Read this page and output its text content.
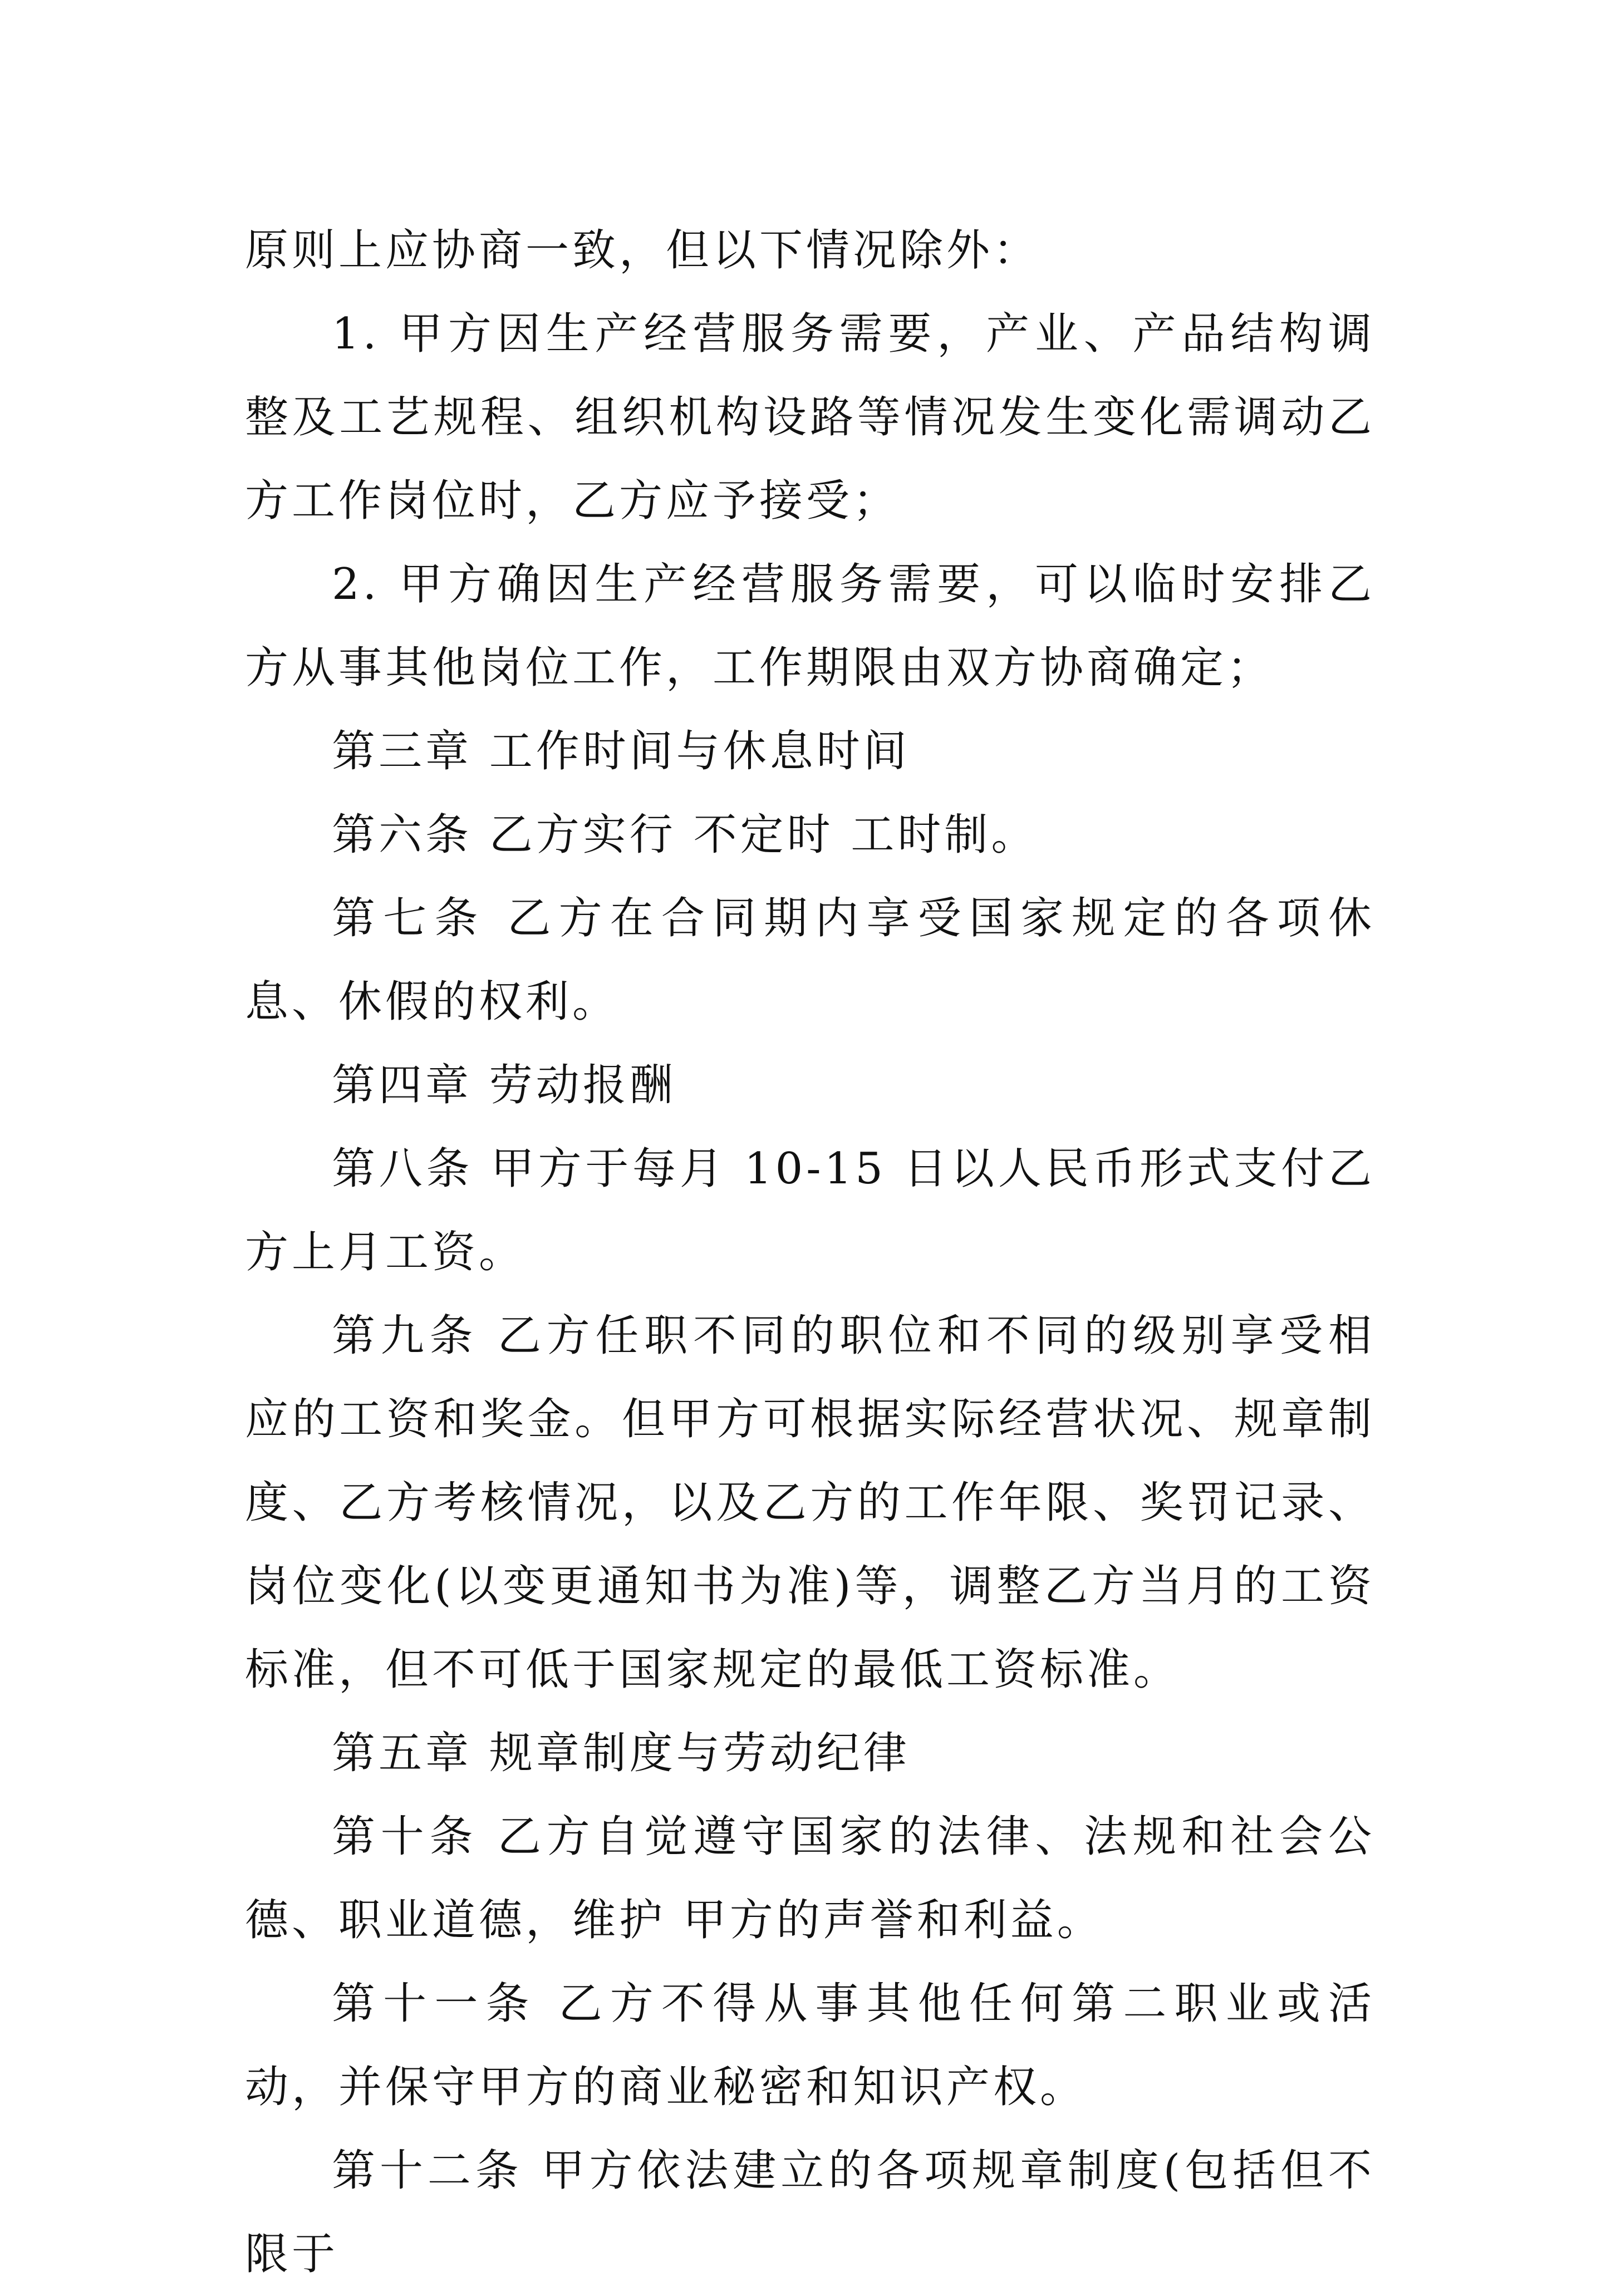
原则上应协商一致，但以下情况除外：

1. 甲方因生产经营服务需要，产业、产品结构调整及工艺规程、组织机构设路等情况发生变化需调动乙方工作岗位时，乙方应予接受；

2. 甲方确因生产经营服务需要，可以临时安排乙方从事其他岗位工作，工作期限由双方协商确定；

第三章 工作时间与休息时间

第六条 乙方实行 不定时 工时制。

第七条 乙方在合同期内享受国家规定的各项休息、休假的权利。

第四章 劳动报酬

第八条 甲方于每月 10-15 日以人民币形式支付乙方上月工资。

第九条 乙方任职不同的职位和不同的级别享受相应的工资和奖金。但甲方可根据实际经营状况、规章制度、乙方考核情况，以及乙方的工作年限、奖罚记录、岗位变化(以变更通知书为准)等，调整乙方当月的工资标准，但不可低于国家规定的最低工资标准。

第五章 规章制度与劳动纪律

第十条 乙方自觉遵守国家的法律、法规和社会公德、职业道德，维护 甲方的声誉和利益。

第十一条 乙方不得从事其他任何第二职业或活动，并保守甲方的商业秘密和知识产权。

第十二条 甲方依法建立的各项规章制度(包括但不限于
